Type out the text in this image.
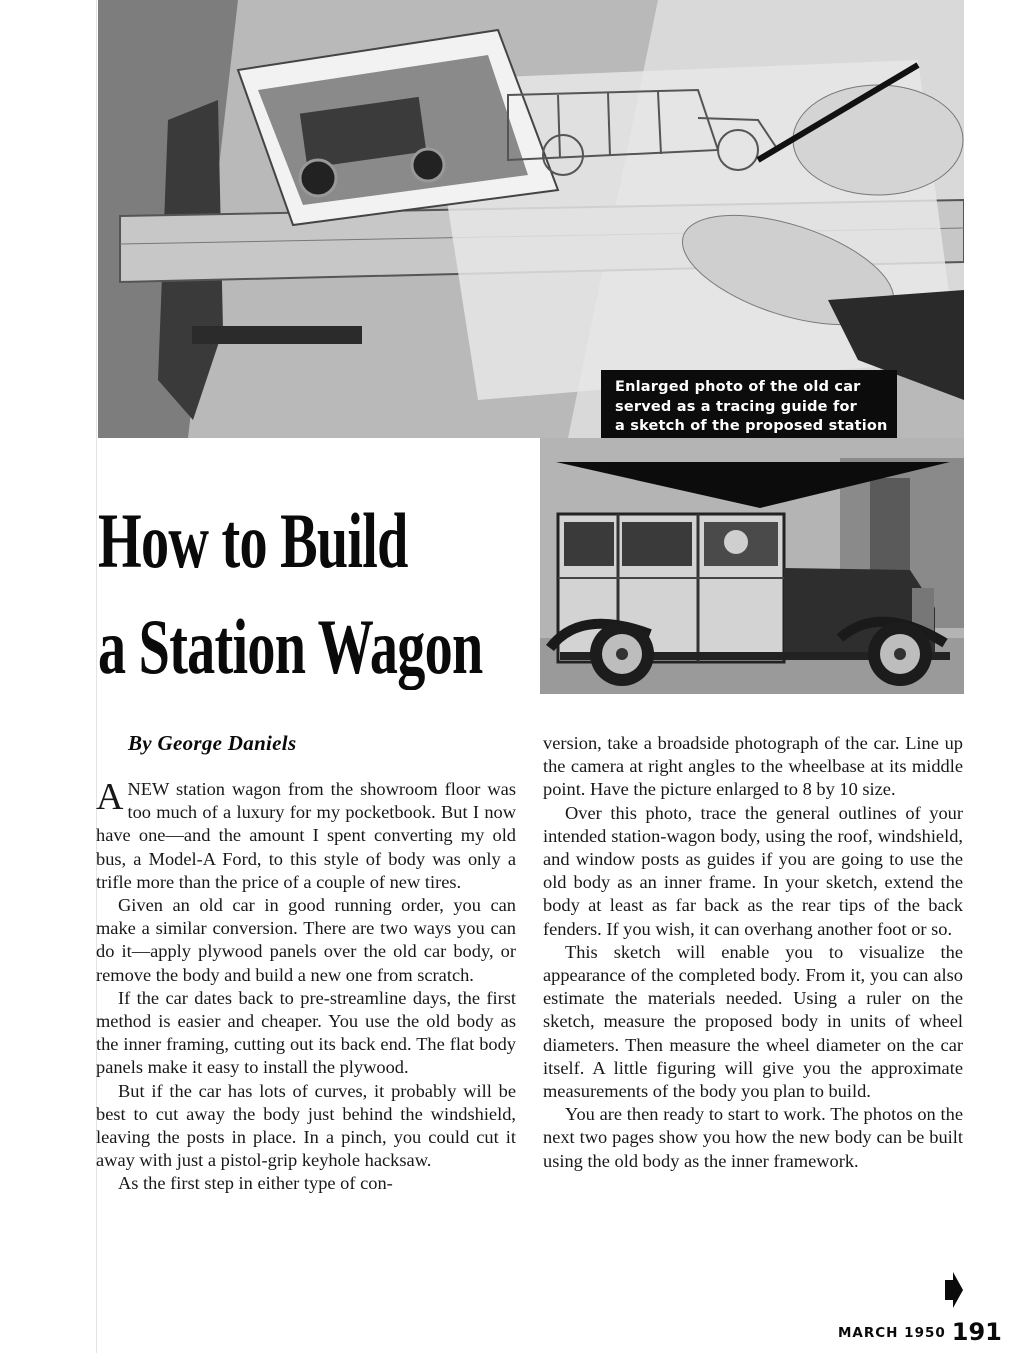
Enlarged photo of the old car
served as a tracing guide for
a sketch of the proposed station
How to Build
a Station Wagon
By George Daniels

ANEW station wagon from the showroom floor was too much of a luxury for my pocketbook. But I now have one—and the amount I spent converting my old bus, a Model-A Ford, to this style of body was only a trifle more than the price of a couple of new tires.

Given an old car in good running order, you can make a similar conversion. There are two ways you can do it—apply plywood panels over the old car body, or remove the body and build a new one from scratch.

If the car dates back to pre-streamline days, the first method is easier and cheaper. You use the old body as the inner framing, cutting out its back end. The flat body panels make it easy to install the plywood.

But if the car has lots of curves, it probably will be best to cut away the body just behind the windshield, leaving the posts in place. In a pinch, you could cut it away with just a pistol-grip keyhole hacksaw.

As the first step in either type of con-

version, take a broadside photograph of the car. Line up the camera at right angles to the wheelbase at its middle point. Have the picture enlarged to 8 by 10 size.

Over this photo, trace the general outlines of your intended station-wagon body, using the roof, windshield, and window posts as guides if you are going to use the old body as an inner frame. In your sketch, extend the body at least as far back as the rear tips of the back fenders. If you wish, it can overhang another foot or so.

This sketch will enable you to visualize the appearance of the completed body. From it, you can also estimate the materials needed. Using a ruler on the sketch, measure the proposed body in units of wheel diameters. Then measure the wheel diameter on the car itself. A little figuring will give you the approximate measurements of the body you plan to build.

You are then ready to start to work. The photos on the next two pages show you how the new body can be built using the old body as the inner framework.

MARCH 1950 191
